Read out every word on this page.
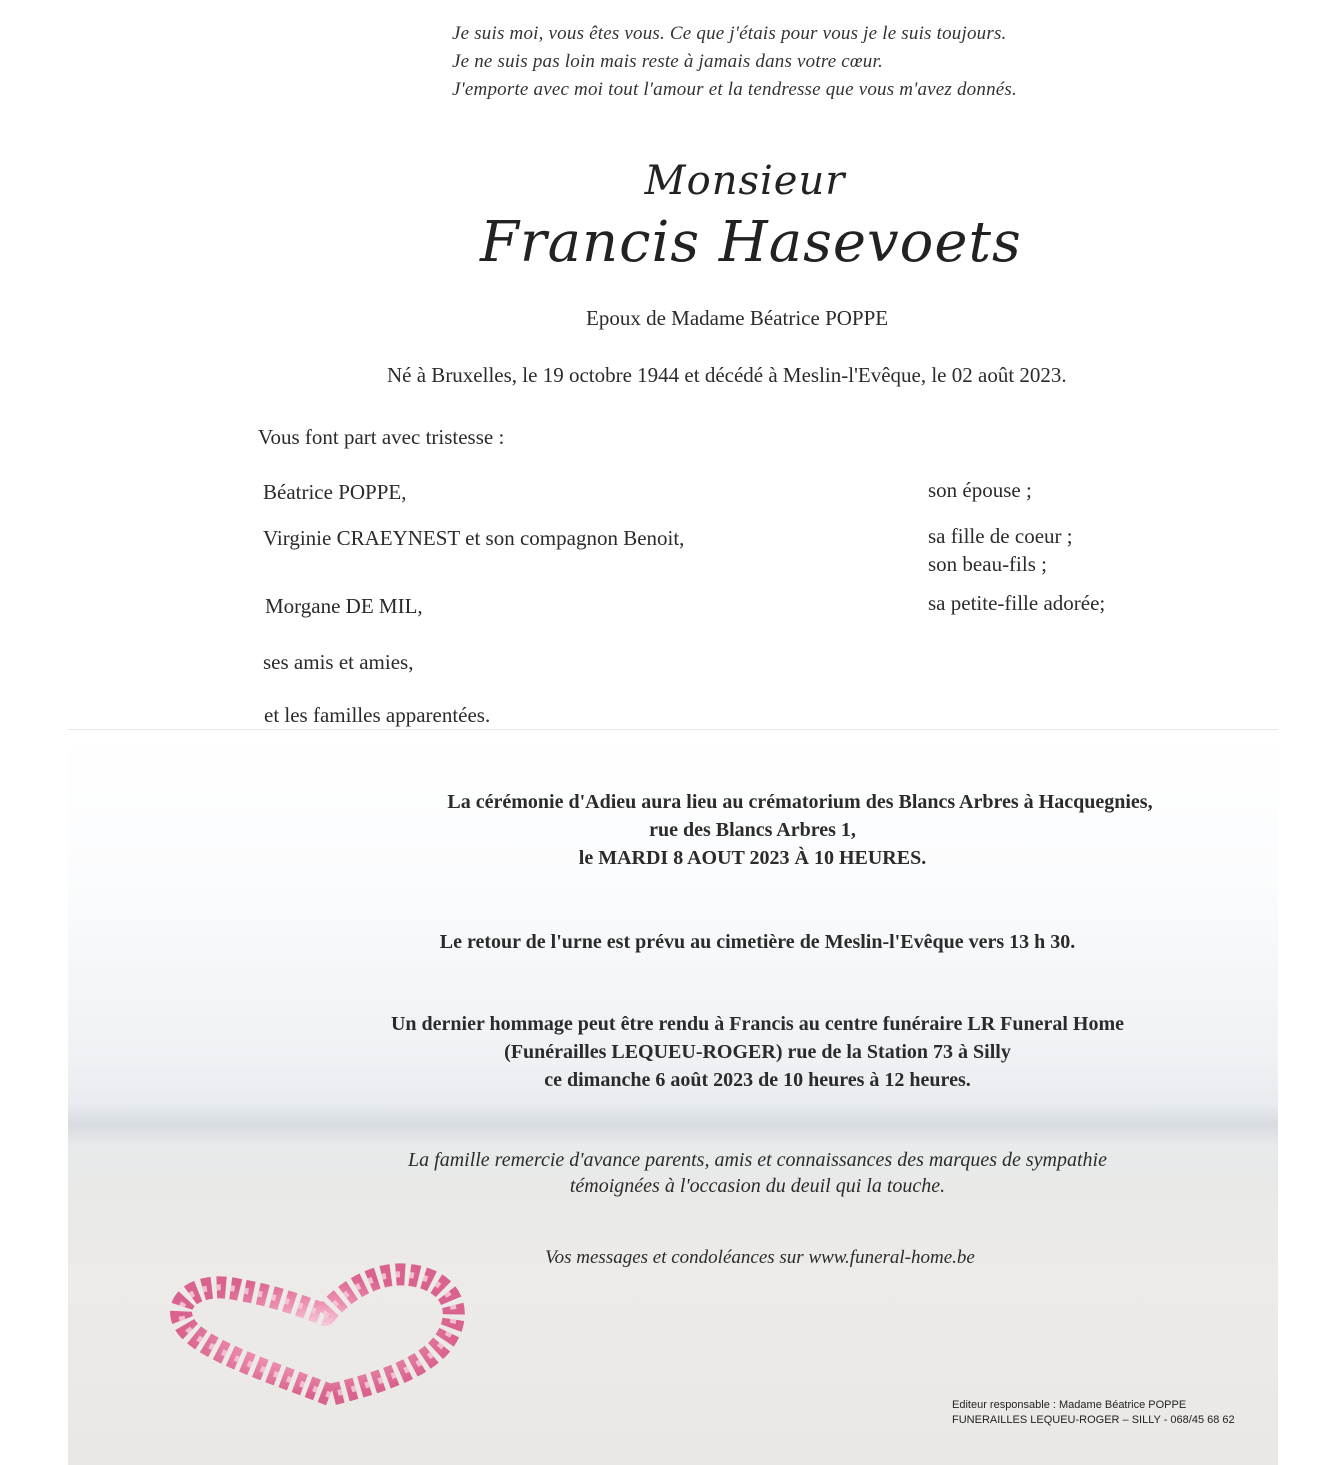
Je suis moi, vous êtes vous. Ce que j'étais pour vous je le suis toujours.
Je ne suis pas loin mais reste à jamais dans votre cœur.
J'emporte avec moi tout l'amour et la tendresse que vous m'avez donnés.
Monsieur
Francis Hasevoets
Epoux de Madame Béatrice POPPE
Né à Bruxelles, le 19 octobre 1944 et décédé à Meslin-l'Evêque, le 02 août 2023.
Vous font part avec tristesse :
Béatrice POPPE,	son épouse ;
Virginie CRAEYNEST et son compagnon Benoit,	sa fille de coeur ;
son beau-fils ;
Morgane DE MIL,	sa petite-fille adorée;
ses amis et amies,
et les familles apparentées.
La cérémonie d'Adieu aura lieu au crématorium des Blancs Arbres à Hacquegnies,
rue des Blancs Arbres 1,
le MARDI 8 AOUT 2023 À 10 HEURES.
Le retour de l'urne est prévu au cimetière de Meslin-l'Evêque vers 13 h 30.
Un dernier hommage peut être rendu à Francis au centre funéraire LR Funeral Home
(Funérailles LEQUEU-ROGER) rue de la Station 73 à Silly
ce dimanche 6 août 2023 de 10 heures à 12 heures.
La famille remercie d'avance parents, amis et connaissances des marques de sympathie
témoignées à l'occasion du deuil qui la touche.
Vos messages et condoléances sur www.funeral-home.be
Editeur responsable : Madame Béatrice POPPE
FUNERAILLES LEQUEU-ROGER – SILLY - 068/45 68 62
